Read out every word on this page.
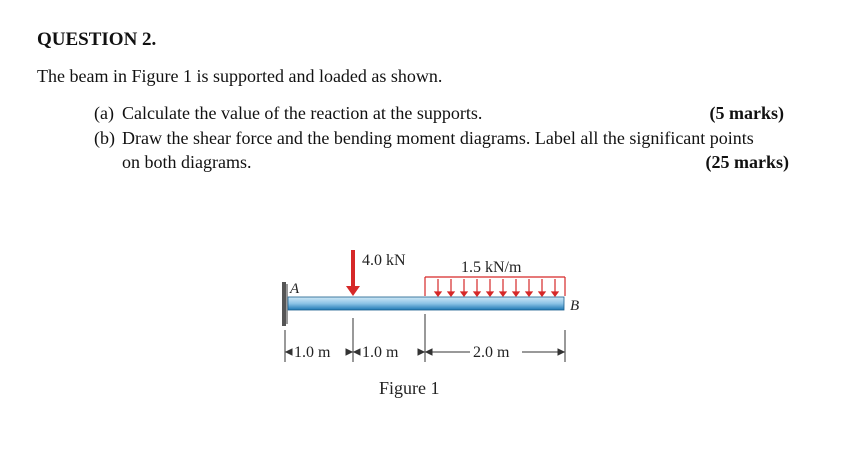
QUESTION 2.
The beam in Figure 1 is supported and loaded as shown.
(a) Calculate the value of the reaction at the supports.	(5 marks)
(b) Draw the shear force and the bending moment diagrams. Label all the significant points
on both diagrams.	(25 marks)
4.0 kN	1.5 kN/m
A
B
1.0 m 1.0 m	2.0 m
Figure 1
